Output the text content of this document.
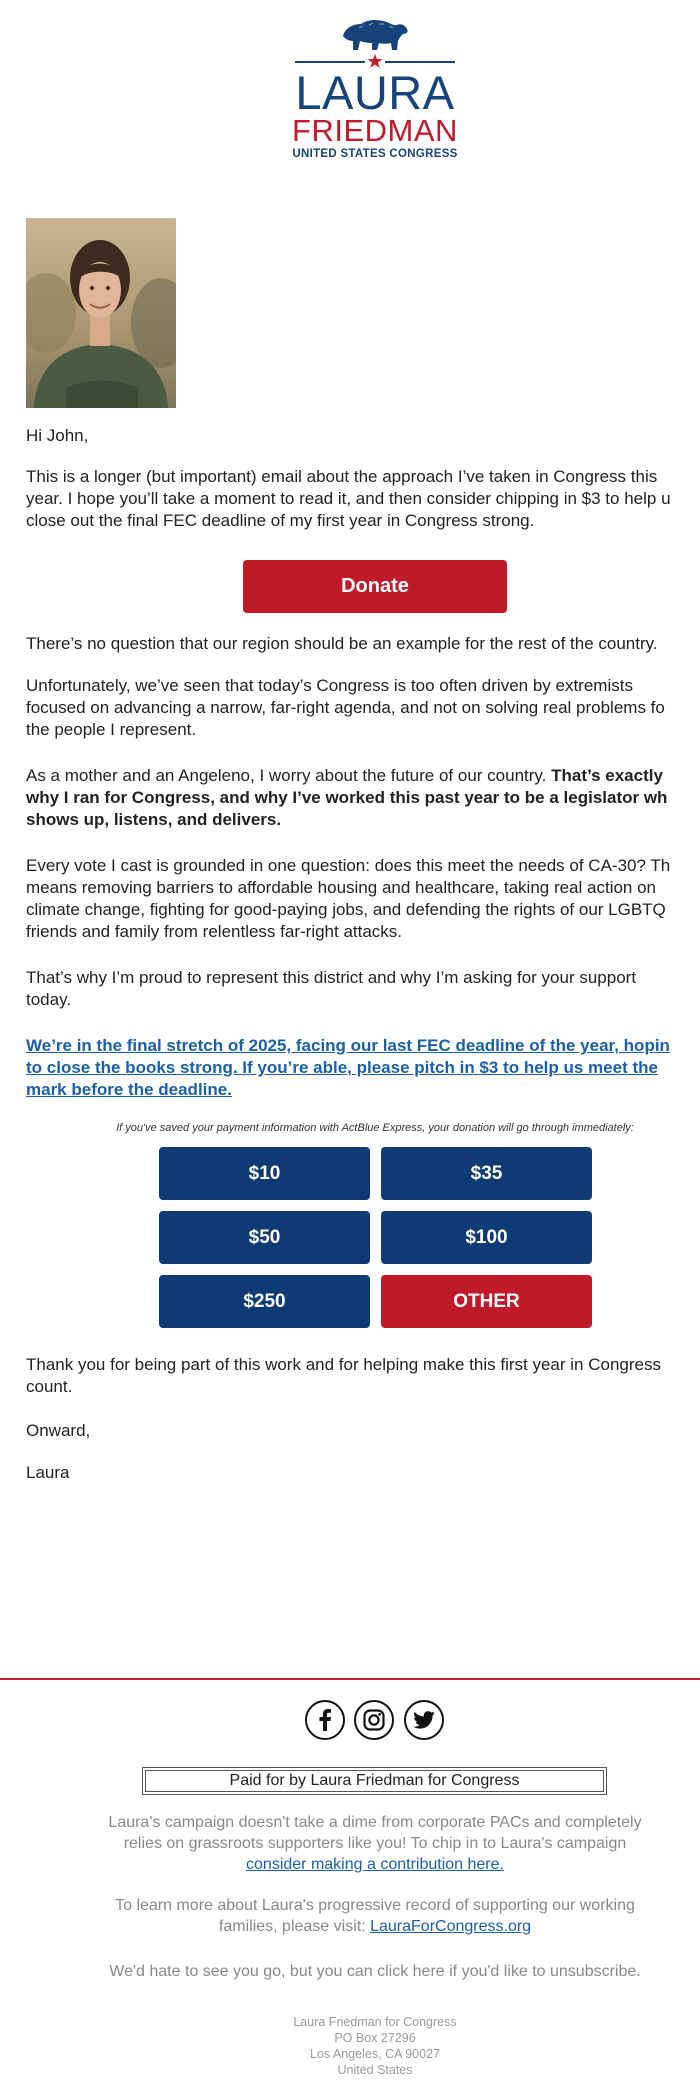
LAURA
FRIEDMAN
UNITED STATES CONGRESS
Hi John,
This is a longer (but important) email about the approach I’ve taken in Congress this
year. I hope you’ll take a moment to read it, and then consider chipping in $3 to help u
close out the final FEC deadline of my first year in Congress strong.
Donate
There’s no question that our region should be an example for the rest of the country.
Unfortunately, we’ve seen that today’s Congress is too often driven by extremists
focused on advancing a narrow, far-right agenda, and not on solving real problems fo
the people I represent.
As a mother and an Angeleno, I worry about the future of our country. That’s exactly
why I ran for Congress, and why I’ve worked this past year to be a legislator wh
shows up, listens, and delivers.
Every vote I cast is grounded in one question: does this meet the needs of CA-30? Th
means removing barriers to affordable housing and healthcare, taking real action on
climate change, fighting for good-paying jobs, and defending the rights of our LGBTQ
friends and family from relentless far-right attacks.
That’s why I’m proud to represent this district and why I’m asking for your support
today.
We’re in the final stretch of 2025, facing our last FEC deadline of the year, hopin
to close the books strong. If you’re able, please pitch in $3 to help us meet the
mark before the deadline.
If you've saved your payment information with ActBlue Express, your donation will go through immediately:
$10	$35
$50	$100
$250	OTHER
Thank you for being part of this work and for helping make this first year in Congress
count.
Onward,
Laura
Paid for by Laura Friedman for Congress
Laura's campaign doesn't take a dime from corporate PACs and completely
relies on grassroots supporters like you! To chip in to Laura's campaign
consider making a contribution here.
To learn more about Laura's progressive record of supporting our working
families, please visit: LauraForCongress.org
We'd hate to see you go, but you can click here if you'd like to unsubscribe.
Laura Friedman for Congress
PO Box 27296
Los Angeles, CA 90027
United States
